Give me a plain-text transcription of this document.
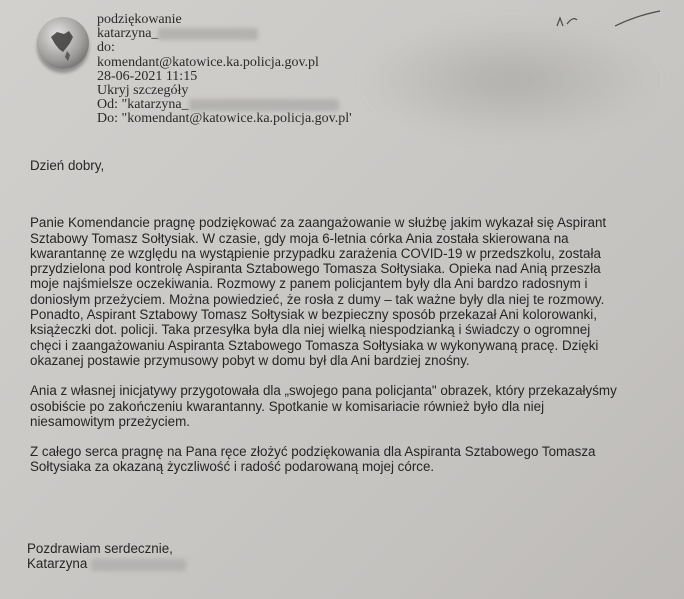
podziękowanie
katarzyna_
do:
komendant@katowice.ka.policja.gov.pl
28-06-2021 11:15
Ukryj szczegóły
Od: "katarzyna_
Do: "komendant@katowice.ka.policja.gov.pl'
Dzień dobry,
Panie Komendancie pragnę podziękować za zaangażowanie w służbę jakim wykazał się Aspirant
Sztabowy Tomasz Sołtysiak. W czasie, gdy moja 6-letnia córka Ania została skierowana na
kwarantannę ze względu na wystąpienie przypadku zarażenia COVID-19 w przedszkolu, została
przydzielona pod kontrolę Aspiranta Sztabowego Tomasza Sołtysiaka. Opieka nad Anią przeszła
moje najśmielsze oczekiwania. Rozmowy z panem policjantem były dla Ani bardzo radosnym i
doniosłym przeżyciem. Można powiedzieć, że rosła z dumy – tak ważne były dla niej te rozmowy.
Ponadto, Aspirant Sztabowy Tomasz Sołtysiak w bezpieczny sposób przekazał Ani kolorowanki,
książeczki dot. policji. Taka przesyłka była dla niej wielką niespodzianką i świadczy o ogromnej
chęci i zaangażowaniu Aspiranta Sztabowego Tomasza Sołtysiaka w wykonywaną pracę. Dzięki
okazanej postawie przymusowy pobyt w domu był dla Ani bardziej znośny.
Ania z własnej inicjatywy przygotowała dla „swojego pana policjanta" obrazek, który przekazałyśmy
osobiście po zakończeniu kwarantanny. Spotkanie w komisariacie również było dla niej
niesamowitym przeżyciem.
Z całego serca pragnę na Pana ręce złożyć podziękowania dla Aspiranta Sztabowego Tomasza
Sołtysiaka za okazaną życzliwość i radość podarowaną mojej córce.
Pozdrawiam serdecznie,
Katarzyna
